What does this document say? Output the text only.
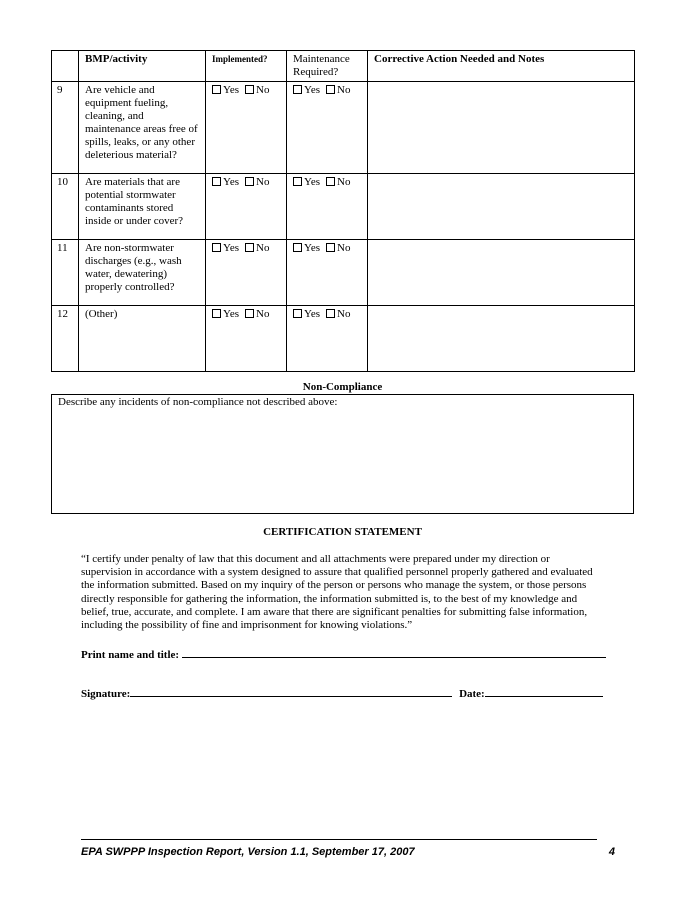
	BMP/activity	Implemented?	Maintenance Required?	Corrective Action Needed and Notes
9	Are vehicle and equipment fueling, cleaning, and maintenance areas free of spills, leaks, or any other deleterious material?	Yes No	Yes No	
10	Are materials that are potential stormwater contaminants stored inside or under cover?	Yes No	Yes No	
11	Are non-stormwater discharges (e.g., wash water, dewatering) properly controlled?	Yes No	Yes No	
12	(Other)	Yes No	Yes No	
Non-Compliance
Describe any incidents of non-compliance not described above:
CERTIFICATION STATEMENT
“I certify under penalty of law that this document and all attachments were prepared under my direction or supervision in accordance with a system designed to assure that qualified personnel properly gathered and evaluated the information submitted. Based on my inquiry of the person or persons who manage the system, or those persons directly responsible for gathering the information, the information submitted is, to the best of my knowledge and belief, true, accurate, and complete. I am aware that there are significant penalties for submitting false information, including the possibility of fine and imprisonment for knowing violations.”
Print name and title:
Signature:	Date:
EPA SWPPP Inspection Report, Version 1.1, September 17, 2007	4
